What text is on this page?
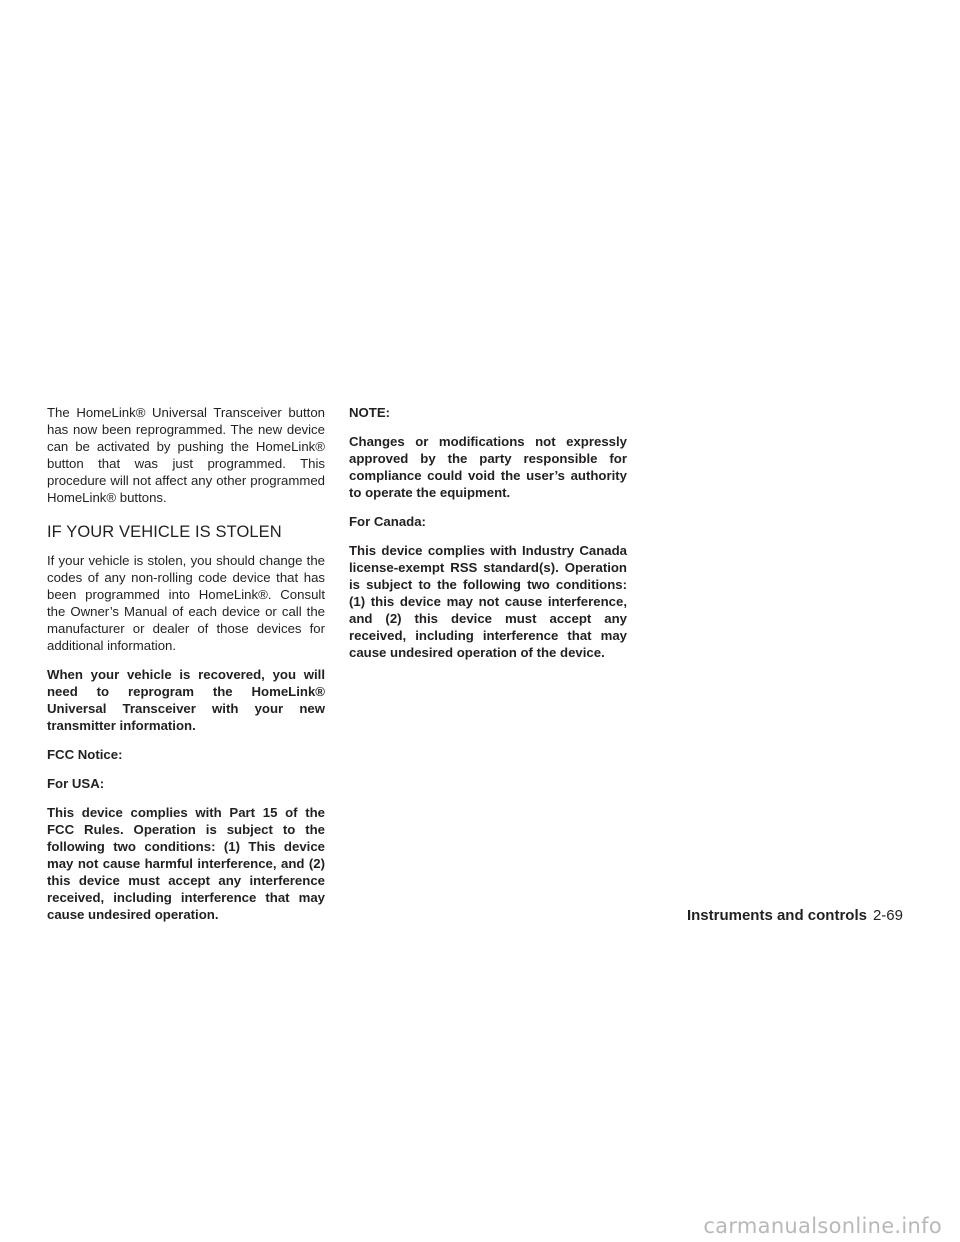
The HomeLink® Universal Transceiver button has now been reprogrammed. The new device can be activated by pushing the HomeLink® button that was just programmed. This procedure will not affect any other programmed HomeLink® buttons.

IF YOUR VEHICLE IS STOLEN

If your vehicle is stolen, you should change the codes of any non-rolling code device that has been programmed into HomeLink®. Consult the Owner’s Manual of each device or call the manufacturer or dealer of those devices for additional information.

When your vehicle is recovered, you will need to reprogram the HomeLink® Universal Transceiver with your new transmitter information.

FCC Notice:

For USA:

This device complies with Part 15 of the FCC Rules. Operation is subject to the following two conditions: (1) This device may not cause harmful interference, and (2) this device must accept any interference received, including interference that may cause undesired operation.

NOTE:

Changes or modifications not expressly approved by the party responsible for compliance could void the user’s authority to operate the equipment.

For Canada:

This device complies with Industry Canada license-exempt RSS standard(s). Operation is subject to the following two conditions: (1) this device may not cause interference, and (2) this device must accept any received, including interference that may cause undesired operation of the device.

Instruments and controls 2-69
carmanualsonline.info
